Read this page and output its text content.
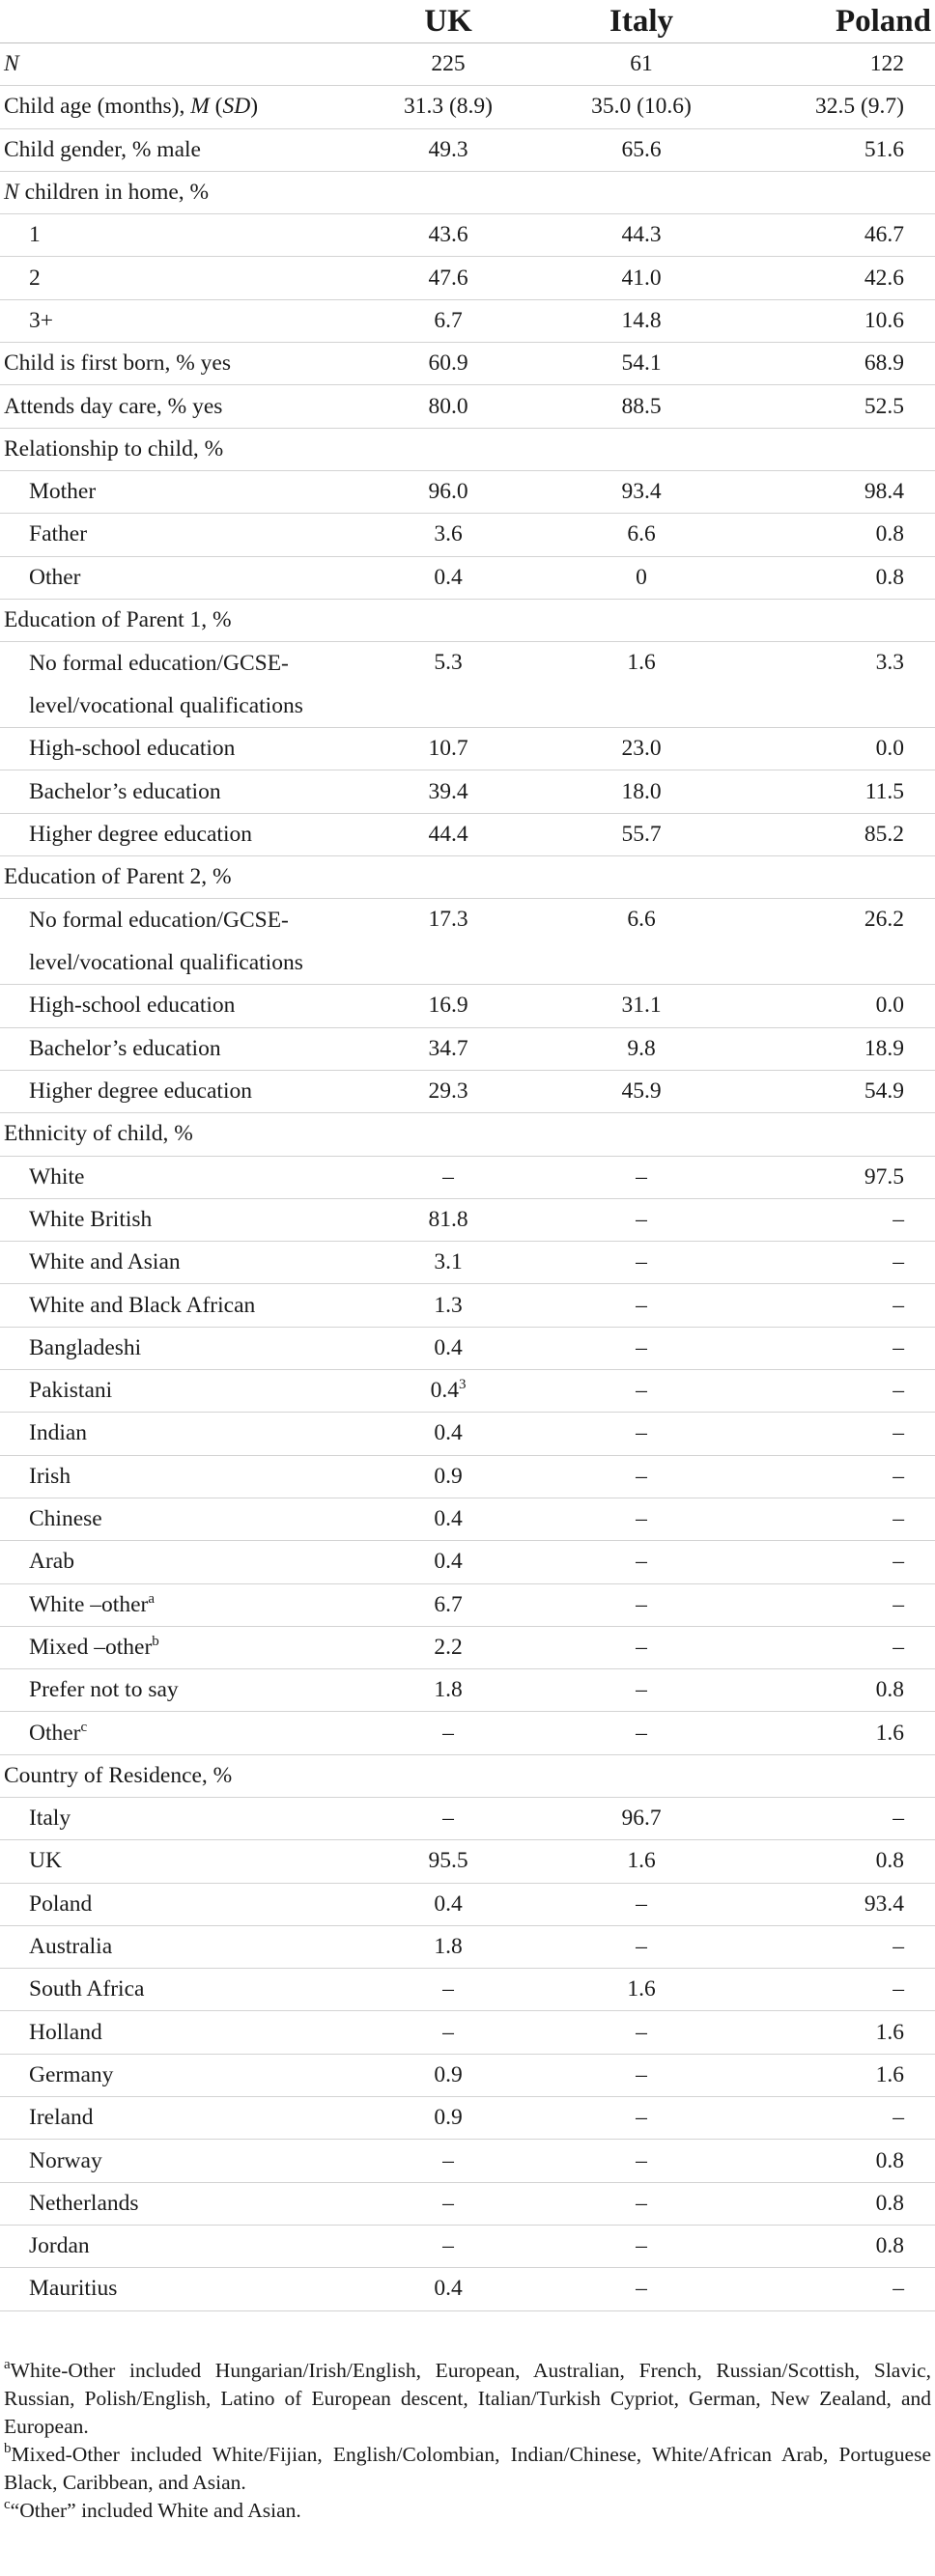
	UK	Italy	Poland
N	225	61	122
Child age (months), M (SD)	31.3 (8.9)	35.0 (10.6)	32.5 (9.7)
Child gender, % male	49.3	65.6	51.6
N children in home, %			
1	43.6	44.3	46.7
2	47.6	41.0	42.6
3+	6.7	14.8	10.6
Child is first born, % yes	60.9	54.1	68.9
Attends day care, % yes	80.0	88.5	52.5
Relationship to child, %			
Mother	96.0	93.4	98.4
Father	3.6	6.6	0.8
Other	0.4	0	0.8
Education of Parent 1, %			
No formal education/GCSE-level/vocational qualifications	5.3	1.6	3.3
High-school education	10.7	23.0	0.0
Bachelor’s education	39.4	18.0	11.5
Higher degree education	44.4	55.7	85.2
Education of Parent 2, %			
No formal education/GCSE-level/vocational qualifications	17.3	6.6	26.2
High-school education	16.9	31.1	0.0
Bachelor’s education	34.7	9.8	18.9
Higher degree education	29.3	45.9	54.9
Ethnicity of child, %			
White	–	–	97.5
White British	81.8	–	–
White and Asian	3.1	–	–
White and Black African	1.3	–	–
Bangladeshi	0.4	–	–
Pakistani	$0.4^3$	–	–
Indian	0.4	–	–
Irish	0.9	–	–
Chinese	0.4	–	–
Arab	0.4	–	–
White –other$^a$	6.7	–	–
Mixed –other$^b$	2.2	–	–
Prefer not to say	1.8	–	0.8
Other$^c$	–	–	1.6
Country of Residence, %			
Italy	–	96.7	–
UK	95.5	1.6	0.8
Poland	0.4	–	93.4
Australia	1.8	–	–
South Africa	–	1.6	–
Holland	–	–	1.6
Germany	0.9	–	1.6
Ireland	0.9	–	–
Norway	–	–	0.8
Netherlands	–	–	0.8
Jordan	–	–	0.8
Mauritius	0.4	–	–

$^a$White-Other included Hungarian/Irish/English, European, Australian, French, Russian/Scottish, Slavic, Russian, Polish/English, Latino of European descent, Italian/Turkish Cypriot, German, New Zealand, and European.

$^b$Mixed-Other included White/Fijian, English/Colombian, Indian/Chinese, White/African Arab, Portuguese Black, Caribbean, and Asian.

$^c$“Other” included White and Asian.
